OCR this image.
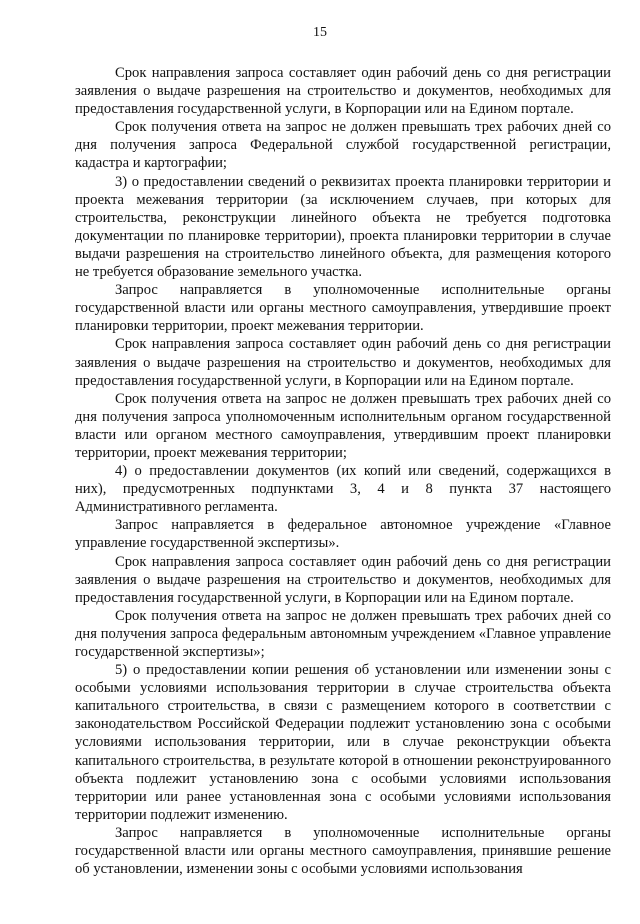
15

Срок направления запроса составляет один рабочий день со дня регистрации заявления о выдаче разрешения на строительство и документов, необходимых для предоставления государственной услуги, в Корпорации или на Едином портале.

Срок получения ответа на запрос не должен превышать трех рабочих дней со дня получения запроса Федеральной службой государственной регистрации, кадастра и картографии;

3) о предоставлении сведений о реквизитах проекта планировки территории и проекта межевания территории (за исключением случаев, при которых для строительства, реконструкции линейного объекта не требуется подготовка документации по планировке территории), проекта планировки территории в случае выдачи разрешения на строительство линейного объекта, для размещения которого не требуется образование земельного участка.

Запрос направляется в уполномоченные исполнительные органы государственной власти или органы местного самоуправления, утвердившие проект планировки территории, проект межевания территории.

Срок направления запроса составляет один рабочий день со дня регистрации заявления о выдаче разрешения на строительство и документов, необходимых для предоставления государственной услуги, в Корпорации или на Едином портале.

Срок получения ответа на запрос не должен превышать трех рабочих дней со дня получения запроса уполномоченным исполнительным органом государственной власти или органом местного самоуправления, утвердившим проект планировки территории, проект межевания территории;

4) о предоставлении документов (их копий или сведений, содержащихся в них), предусмотренных подпунктами 3, 4 и 8 пункта 37 настоящего Административного регламента.

Запрос направляется в федеральное автономное учреждение «Главное управление государственной экспертизы».

Срок направления запроса составляет один рабочий день со дня регистрации заявления о выдаче разрешения на строительство и документов, необходимых для предоставления государственной услуги, в Корпорации или на Едином портале.

Срок получения ответа на запрос не должен превышать трех рабочих дней со дня получения запроса федеральным автономным учреждением «Главное управление государственной экспертизы»;

5) о предоставлении копии решения об установлении или изменении зоны с особыми условиями использования территории в случае строительства объекта капитального строительства, в связи с размещением которого в соответствии с законодательством Российской Федерации подлежит установлению зона с особыми условиями использования территории, или в случае реконструкции объекта капитального строительства, в результате которой в отношении реконструированного объекта подлежит установлению зона с особыми условиями использования территории или ранее установленная зона с особыми условиями использования территории подлежит изменению.

Запрос направляется в уполномоченные исполнительные органы государственной власти или органы местного самоуправления, принявшие решение об установлении, изменении зоны с особыми условиями использования
